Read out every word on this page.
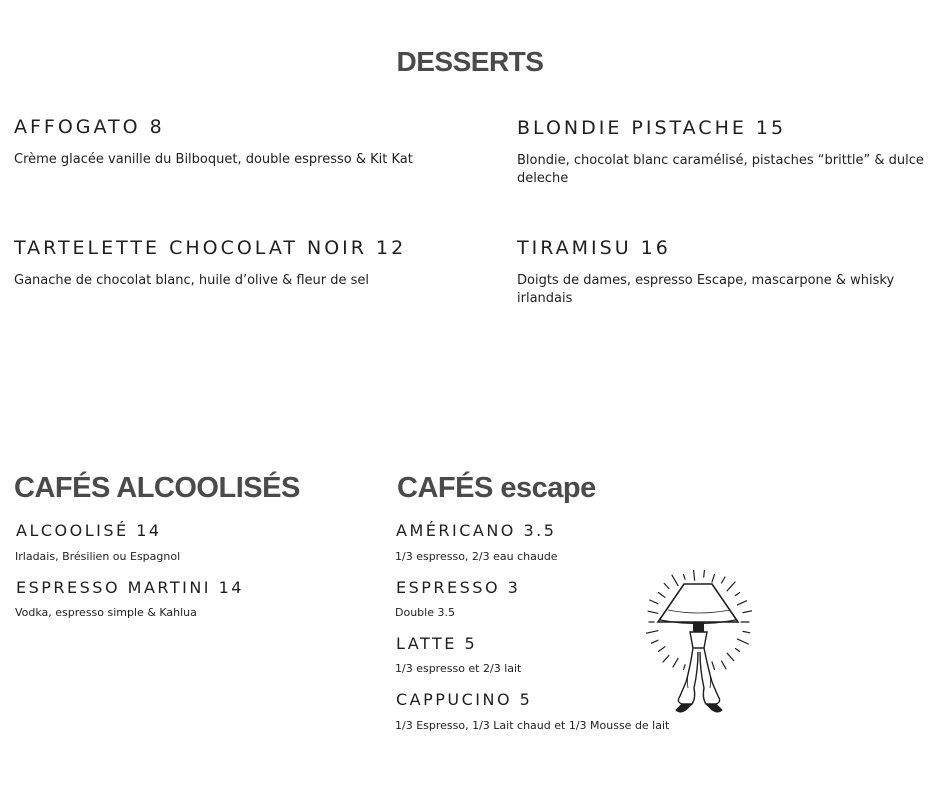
DESSERTS
AFFOGATO 8
Crème glacée vanille du Bilboquet, double espresso & Kit Kat
BLONDIE PISTACHE 15
Blondie, chocolat blanc caramélisé, pistaches “brittle” & dulce deleche
TARTELETTE CHOCOLAT NOIR 12
Ganache de chocolat blanc, huile d’olive & fleur de sel
TIRAMISU 16
Doigts de dames, espresso Escape, mascarpone & whisky irlandais
CAFÉS ALCOOLISÉS
ALCOOLISÉ 14
Irladais, Brésilien ou Espagnol
ESPRESSO MARTINI 14
Vodka, espresso simple & Kahlua
CAFÉS escape
AMÉRICANO 3.5
1/3 espresso, 2/3 eau chaude
ESPRESSO 3
Double 3.5
LATTE 5
1/3 espresso et 2/3 lait
CAPPUCINO 5
1/3 Espresso, 1/3 Lait chaud et 1/3 Mousse de lait
